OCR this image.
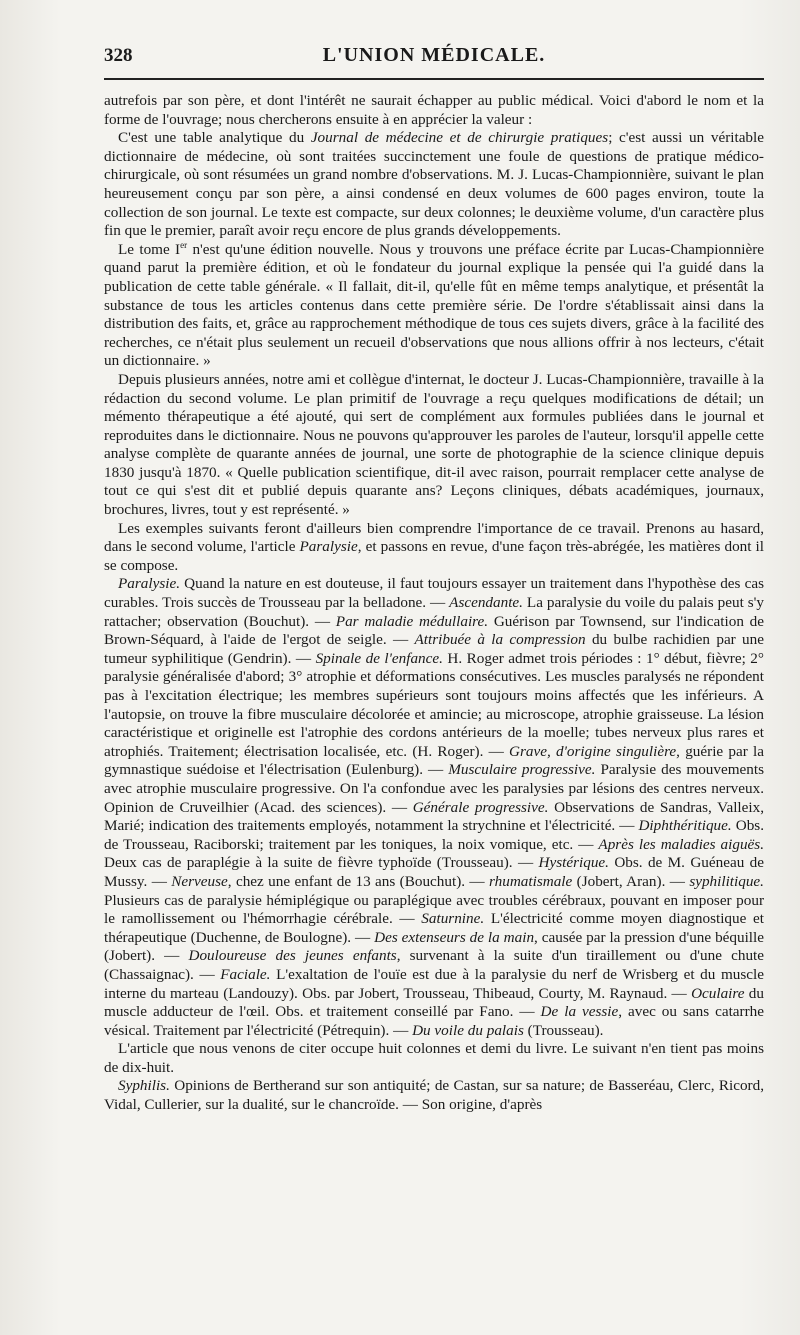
328	L'UNION MÉDICALE.

autrefois par son père, et dont l'intérêt ne saurait échapper au public médical. Voici d'abord le nom et la forme de l'ouvrage; nous chercherons ensuite à en apprécier la valeur :

C'est une table analytique du Journal de médecine et de chirurgie pratiques; c'est aussi un véritable dictionnaire de médecine, où sont traitées succinctement une foule de questions de pratique médico-chirurgicale, où sont résumées un grand nombre d'observations. M. J. Lucas-Championnière, suivant le plan heureusement conçu par son père, a ainsi condensé en deux volumes de 600 pages environ, toute la collection de son journal. Le texte est compacte, sur deux colonnes; le deuxième volume, d'un caractère plus fin que le premier, paraît avoir reçu encore de plus grands développements.

Le tome Ier n'est qu'une édition nouvelle. Nous y trouvons une préface écrite par Lucas-Championnière quand parut la première édition, et où le fondateur du journal explique la pensée qui l'a guidé dans la publication de cette table générale. « Il fallait, dit-il, qu'elle fût en même temps analytique, et présentât la substance de tous les articles contenus dans cette première série. De l'ordre s'établissait ainsi dans la distribution des faits, et, grâce au rapprochement méthodique de tous ces sujets divers, grâce à la facilité des recherches, ce n'était plus seulement un recueil d'observations que nous allions offrir à nos lecteurs, c'était un dictionnaire. »

Depuis plusieurs années, notre ami et collègue d'internat, le docteur J. Lucas-Championnière, travaille à la rédaction du second volume. Le plan primitif de l'ouvrage a reçu quelques modifications de détail; un mémento thérapeutique a été ajouté, qui sert de complément aux formules publiées dans le journal et reproduites dans le dictionnaire. Nous ne pouvons qu'approuver les paroles de l'auteur, lorsqu'il appelle cette analyse complète de quarante années de journal, une sorte de photographie de la science clinique depuis 1830 jusqu'à 1870. « Quelle publication scientifique, dit-il avec raison, pourrait remplacer cette analyse de tout ce qui s'est dit et publié depuis quarante ans? Leçons cliniques, débats académiques, journaux, brochures, livres, tout y est représenté. »

Les exemples suivants feront d'ailleurs bien comprendre l'importance de ce travail. Prenons au hasard, dans le second volume, l'article Paralysie, et passons en revue, d'une façon très-abrégée, les matières dont il se compose.

Paralysie. Quand la nature en est douteuse, il faut toujours essayer un traitement dans l'hypothèse des cas curables. Trois succès de Trousseau par la belladone. — Ascendante. La paralysie du voile du palais peut s'y rattacher; observation (Bouchut). — Par maladie médullaire. Guérison par Townsend, sur l'indication de Brown-Séquard, à l'aide de l'ergot de seigle. — Attribuée à la compression du bulbe rachidien par une tumeur syphilitique (Gendrin). — Spinale de l'enfance. H. Roger admet trois périodes : 1° début, fièvre; 2° paralysie généralisée d'abord; 3° atrophie et déformations consécutives. Les muscles paralysés ne répondent pas à l'excitation électrique; les membres supérieurs sont toujours moins affectés que les inférieurs. A l'autopsie, on trouve la fibre musculaire décolorée et amincie; au microscope, atrophie graisseuse. La lésion caractéristique et originelle est l'atrophie des cordons antérieurs de la moelle; tubes nerveux plus rares et atrophiés. Traitement; électrisation localisée, etc. (H. Roger). — Grave, d'origine singulière, guérie par la gymnastique suédoise et l'électrisation (Eulenburg). — Musculaire progressive. Paralysie des mouvements avec atrophie musculaire progressive. On l'a confondue avec les paralysies par lésions des centres nerveux. Opinion de Cruveilhier (Acad. des sciences). — Générale progressive. Observations de Sandras, Valleix, Marié; indication des traitements employés, notamment la strychnine et l'électricité. — Diphthéritique. Obs. de Trousseau, Raciborski; traitement par les toniques, la noix vomique, etc. — Après les maladies aiguës. Deux cas de paraplégie à la suite de fièvre typhoïde (Trousseau). — Hystérique. Obs. de M. Guéneau de Mussy. — Nerveuse, chez une enfant de 13 ans (Bouchut). — rhumatismale (Jobert, Aran). — syphilitique. Plusieurs cas de paralysie hémiplégique ou paraplégique avec troubles cérébraux, pouvant en imposer pour le ramollissement ou l'hémorrhagie cérébrale. — Saturnine. L'électricité comme moyen diagnostique et thérapeutique (Duchenne, de Boulogne). — Des extenseurs de la main, causée par la pression d'une béquille (Jobert). — Douloureuse des jeunes enfants, survenant à la suite d'un tiraillement ou d'une chute (Chassaignac). — Faciale. L'exaltation de l'ouïe est due à la paralysie du nerf de Wrisberg et du muscle interne du marteau (Landouzy). Obs. par Jobert, Trousseau, Thibeaud, Courty, M. Raynaud. — Oculaire du muscle adducteur de l'œil. Obs. et traitement conseillé par Fano. — De la vessie, avec ou sans catarrhe vésical. Traitement par l'électricité (Pétrequin). — Du voile du palais (Trousseau).

L'article que nous venons de citer occupe huit colonnes et demi du livre. Le suivant n'en tient pas moins de dix-huit.

Syphilis. Opinions de Bertherand sur son antiquité; de Castan, sur sa nature; de Basseréau, Clerc, Ricord, Vidal, Cullerier, sur la dualité, sur le chancroïde. — Son origine, d'après
